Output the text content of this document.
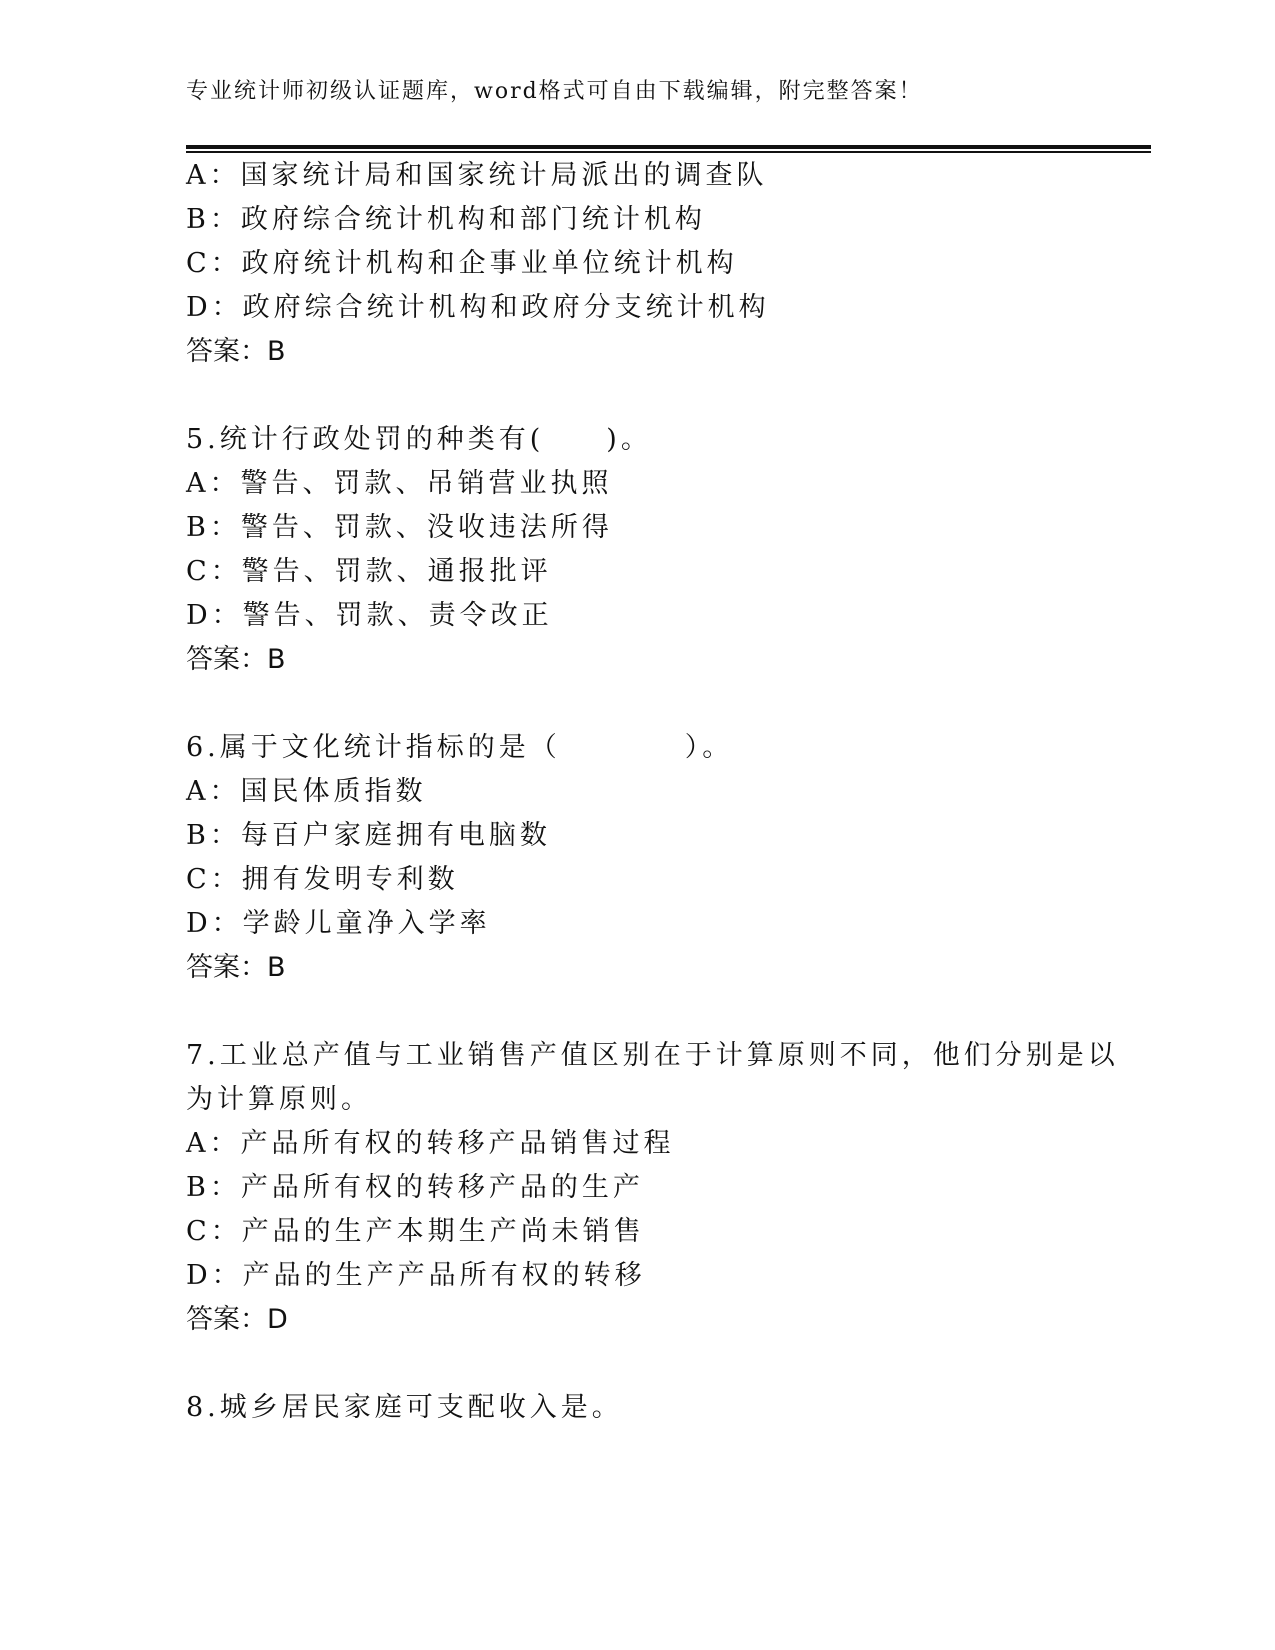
专业统计师初级认证题库，word格式可自由下载编辑，附完整答案！
A：国家统计局和国家统计局派出的调查队
B：政府综合统计机构和部门统计机构
C：政府统计机构和企事业单位统计机构
D：政府综合统计机构和政府分支统计机构
答案：B
5.统计行政处罚的种类有(　　)。
A：警告、罚款、吊销营业执照
B：警告、罚款、没收违法所得
C：警告、罚款、通报批评
D：警告、罚款、责令改正
答案：B
6.属于文化统计指标的是（　　　　）。
A：国民体质指数
B：每百户家庭拥有电脑数
C：拥有发明专利数
D：学龄儿童净入学率
答案：B
7.工业总产值与工业销售产值区别在于计算原则不同，他们分别是以
为计算原则。
A：产品所有权的转移产品销售过程
B：产品所有权的转移产品的生产
C：产品的生产本期生产尚未销售
D：产品的生产产品所有权的转移
答案：D
8.城乡居民家庭可支配收入是。
